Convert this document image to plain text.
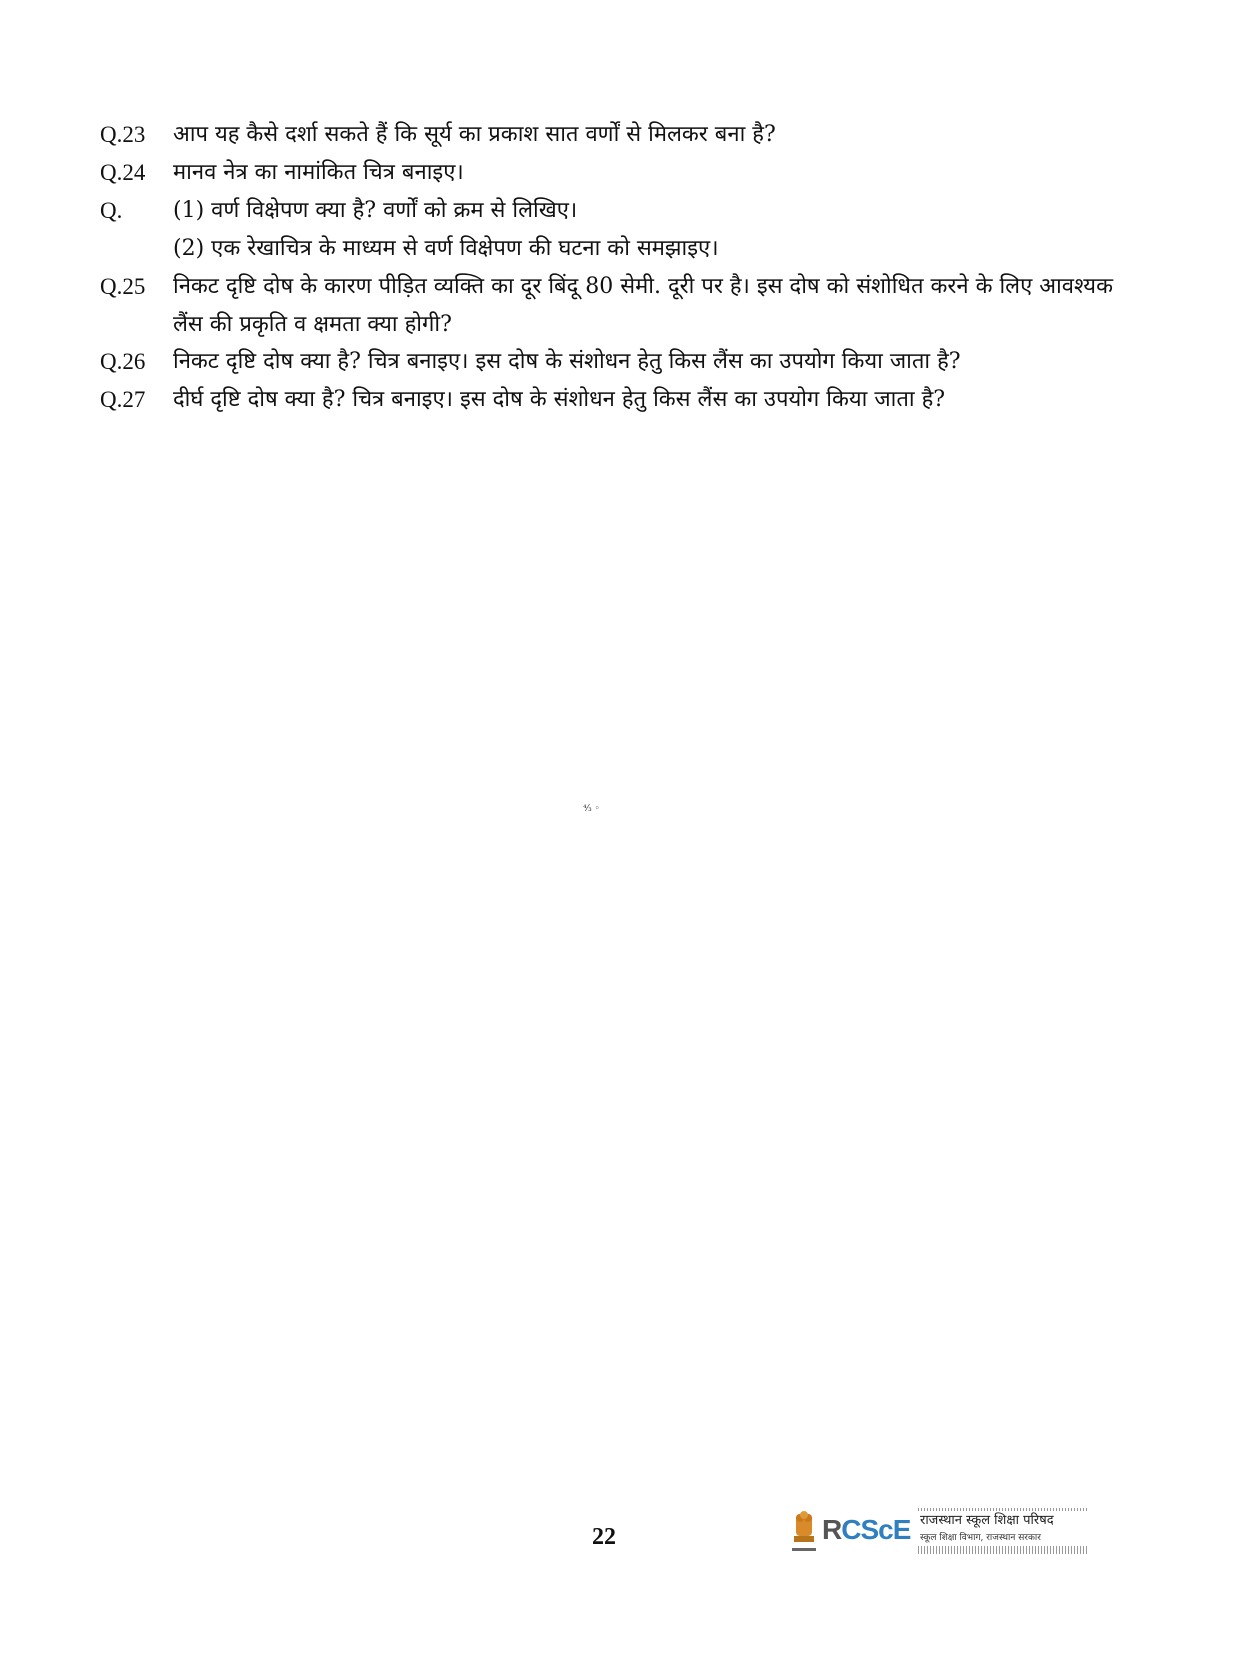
Q.23 आप यह कैसे दर्शा सकते हैं कि सूर्य का प्रकाश सात वर्णों से मिलकर बना है?
Q.24 मानव नेत्र का नामांकित चित्र बनाइए।
Q. (1) वर्ण विक्षेपण क्या है? वर्णों को क्रम से लिखिए।
(2) एक रेखाचित्र के माध्यम से वर्ण विक्षेपण की घटना को समझाइए।
Q.25 निकट दृष्टि दोष के कारण पीड़ित व्यक्ति का दूर बिंदू 80 सेमी. दूरी पर है। इस दोष को संशोधित करने के लिए आवश्यक लैंस की प्रकृति व क्षमता क्या होगी?
Q.26 निकट दृष्टि दोष क्या है? चित्र बनाइए। इस दोष के संशोधन हेतु किस लैंस का उपयोग किया जाता है?
Q.27 दीर्घ दृष्टि दोष क्या है? चित्र बनाइए। इस दोष के संशोधन हेतु किस लैंस का उपयोग किया जाता है?
⁴⁄₃ ◦
22	RCScE राजस्थान स्कूल शिक्षा परिषद
स्कूल शिक्षा विभाग, राजस्थान सरकार
